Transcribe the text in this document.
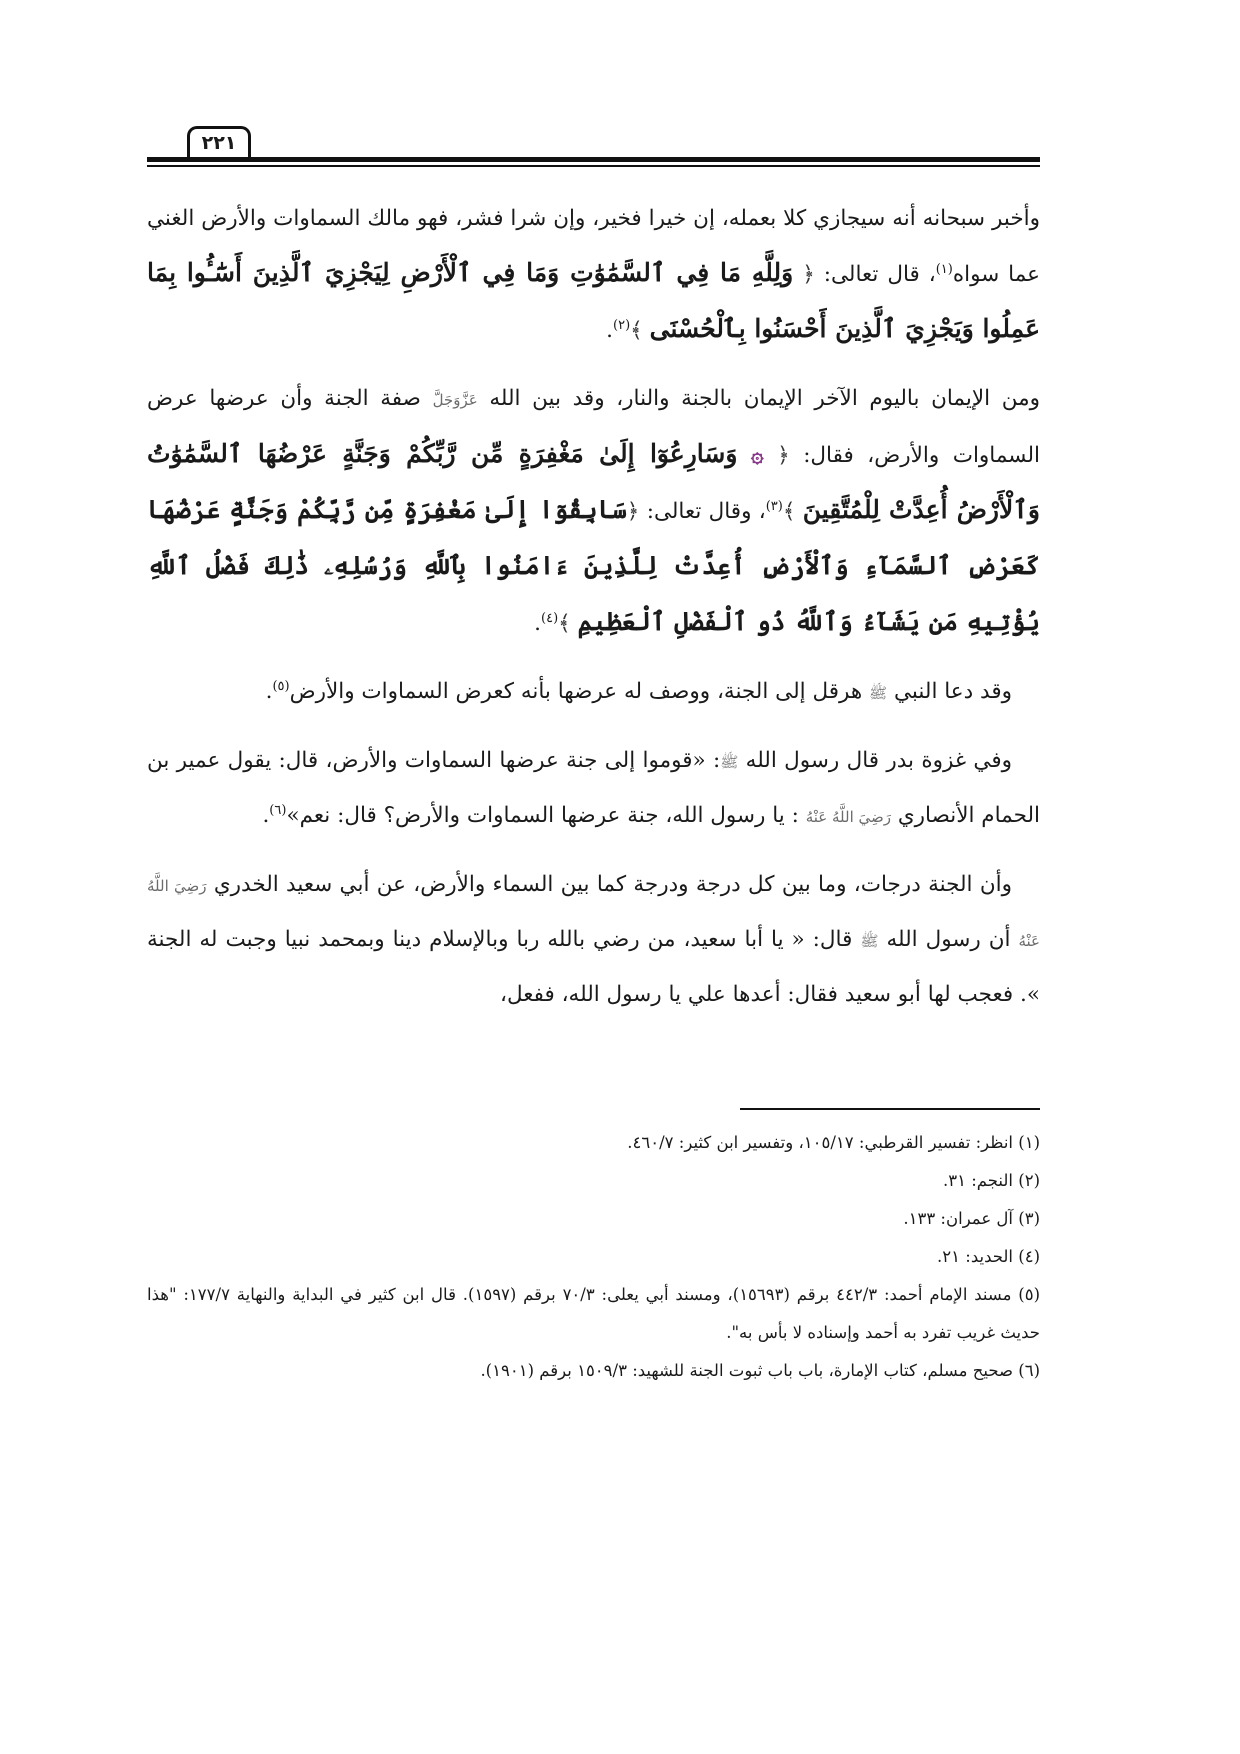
٢٢١

وأخبر سبحانه أنه سيجازي كلا بعمله، إن خيرا فخير، وإن شرا فشر، فهو مالك السماوات والأرض الغني عما سواه$^{(١)}$، قال تعالى: ﴿ وَلِلَّهِ مَا فِي ٱلسَّمَٰوَٰتِ وَمَا فِي ٱلْأَرْضِ لِيَجْزِيَ ٱلَّذِينَ أَسَٰٓـُٔوا بِمَا عَمِلُوا وَيَجْزِيَ ٱلَّذِينَ أَحْسَنُوا بِٱلْحُسْنَى ﴾$^{(٢)}$.

ومن الإيمان باليوم الآخر الإيمان بالجنة والنار، وقد بين الله عَزَّوَجَلَّ صفة الجنة وأن عرضها عرض السماوات والأرض، فقال: ﴿ ۞ وَسَارِعُوٓا إِلَىٰ مَغْفِرَةٍ مِّن رَّبِّكُمْ وَجَنَّةٍ عَرْضُهَا ٱلسَّمَٰوَٰتُ وَٱلْأَرْضُ أُعِدَّتْ لِلْمُتَّقِينَ ﴾$^{(٣)}$، وقال تعالى: ﴿سَابِقُوٓا إِلَىٰ مَغْفِرَةٍ مِّن رَّبِّكُمْ وَجَنَّةٍ عَرْضُهَا كَعَرْضِ ٱلسَّمَآءِ وَٱلْأَرْضِ أُعِدَّتْ لِلَّذِينَ ءَامَنُوا بِٱللَّهِ وَرُسُلِهِۦ ذَٰلِكَ فَضْلُ ٱللَّهِ يُؤْتِيهِ مَن يَشَآءُ وَٱللَّهُ ذُو ٱلْفَضْلِ ٱلْعَظِيمِ ﴾$^{(٤)}$.

وقد دعا النبي ﷺ هرقل إلى الجنة، ووصف له عرضها بأنه كعرض السماوات والأرض$^{(٥)}$.

وفي غزوة بدر قال رسول الله ﷺ: «قوموا إلى جنة عرضها السماوات والأرض، قال: يقول عمير بن الحمام الأنصاري رَضِيَ اللَّهُ عَنْهُ : يا رسول الله، جنة عرضها السماوات والأرض؟ قال: نعم»$^{(٦)}$.

وأن الجنة درجات، وما بين كل درجة ودرجة كما بين السماء والأرض، عن أبي سعيد الخدري رَضِيَ اللَّهُ عَنْهُ أن رسول الله ﷺ قال: « يا أبا سعيد، من رضي بالله ربا وبالإسلام دينا وبمحمد نبيا وجبت له الجنة ». فعجب لها أبو سعيد فقال: أعدها علي يا رسول الله، ففعل،

(١) انظر: تفسير القرطبي: ١٠٥/١٧، وتفسير ابن كثير: ٤٦٠/٧.

(٢) النجم: ٣١.

(٣) آل عمران: ١٣٣.

(٤) الحديد: ٢١.

(٥) مسند الإمام أحمد: ٤٤٢/٣ برقم (١٥٦٩٣)، ومسند أبي يعلى: ٧٠/٣ برقم (١٥٩٧). قال ابن كثير في البداية والنهاية ١٧٧/٧: "هذا حديث غريب تفرد به أحمد وإسناده لا بأس به".

(٦) صحيح مسلم، كتاب الإمارة، باب باب ثبوت الجنة للشهيد: ١٥٠٩/٣ برقم (١٩٠١).
